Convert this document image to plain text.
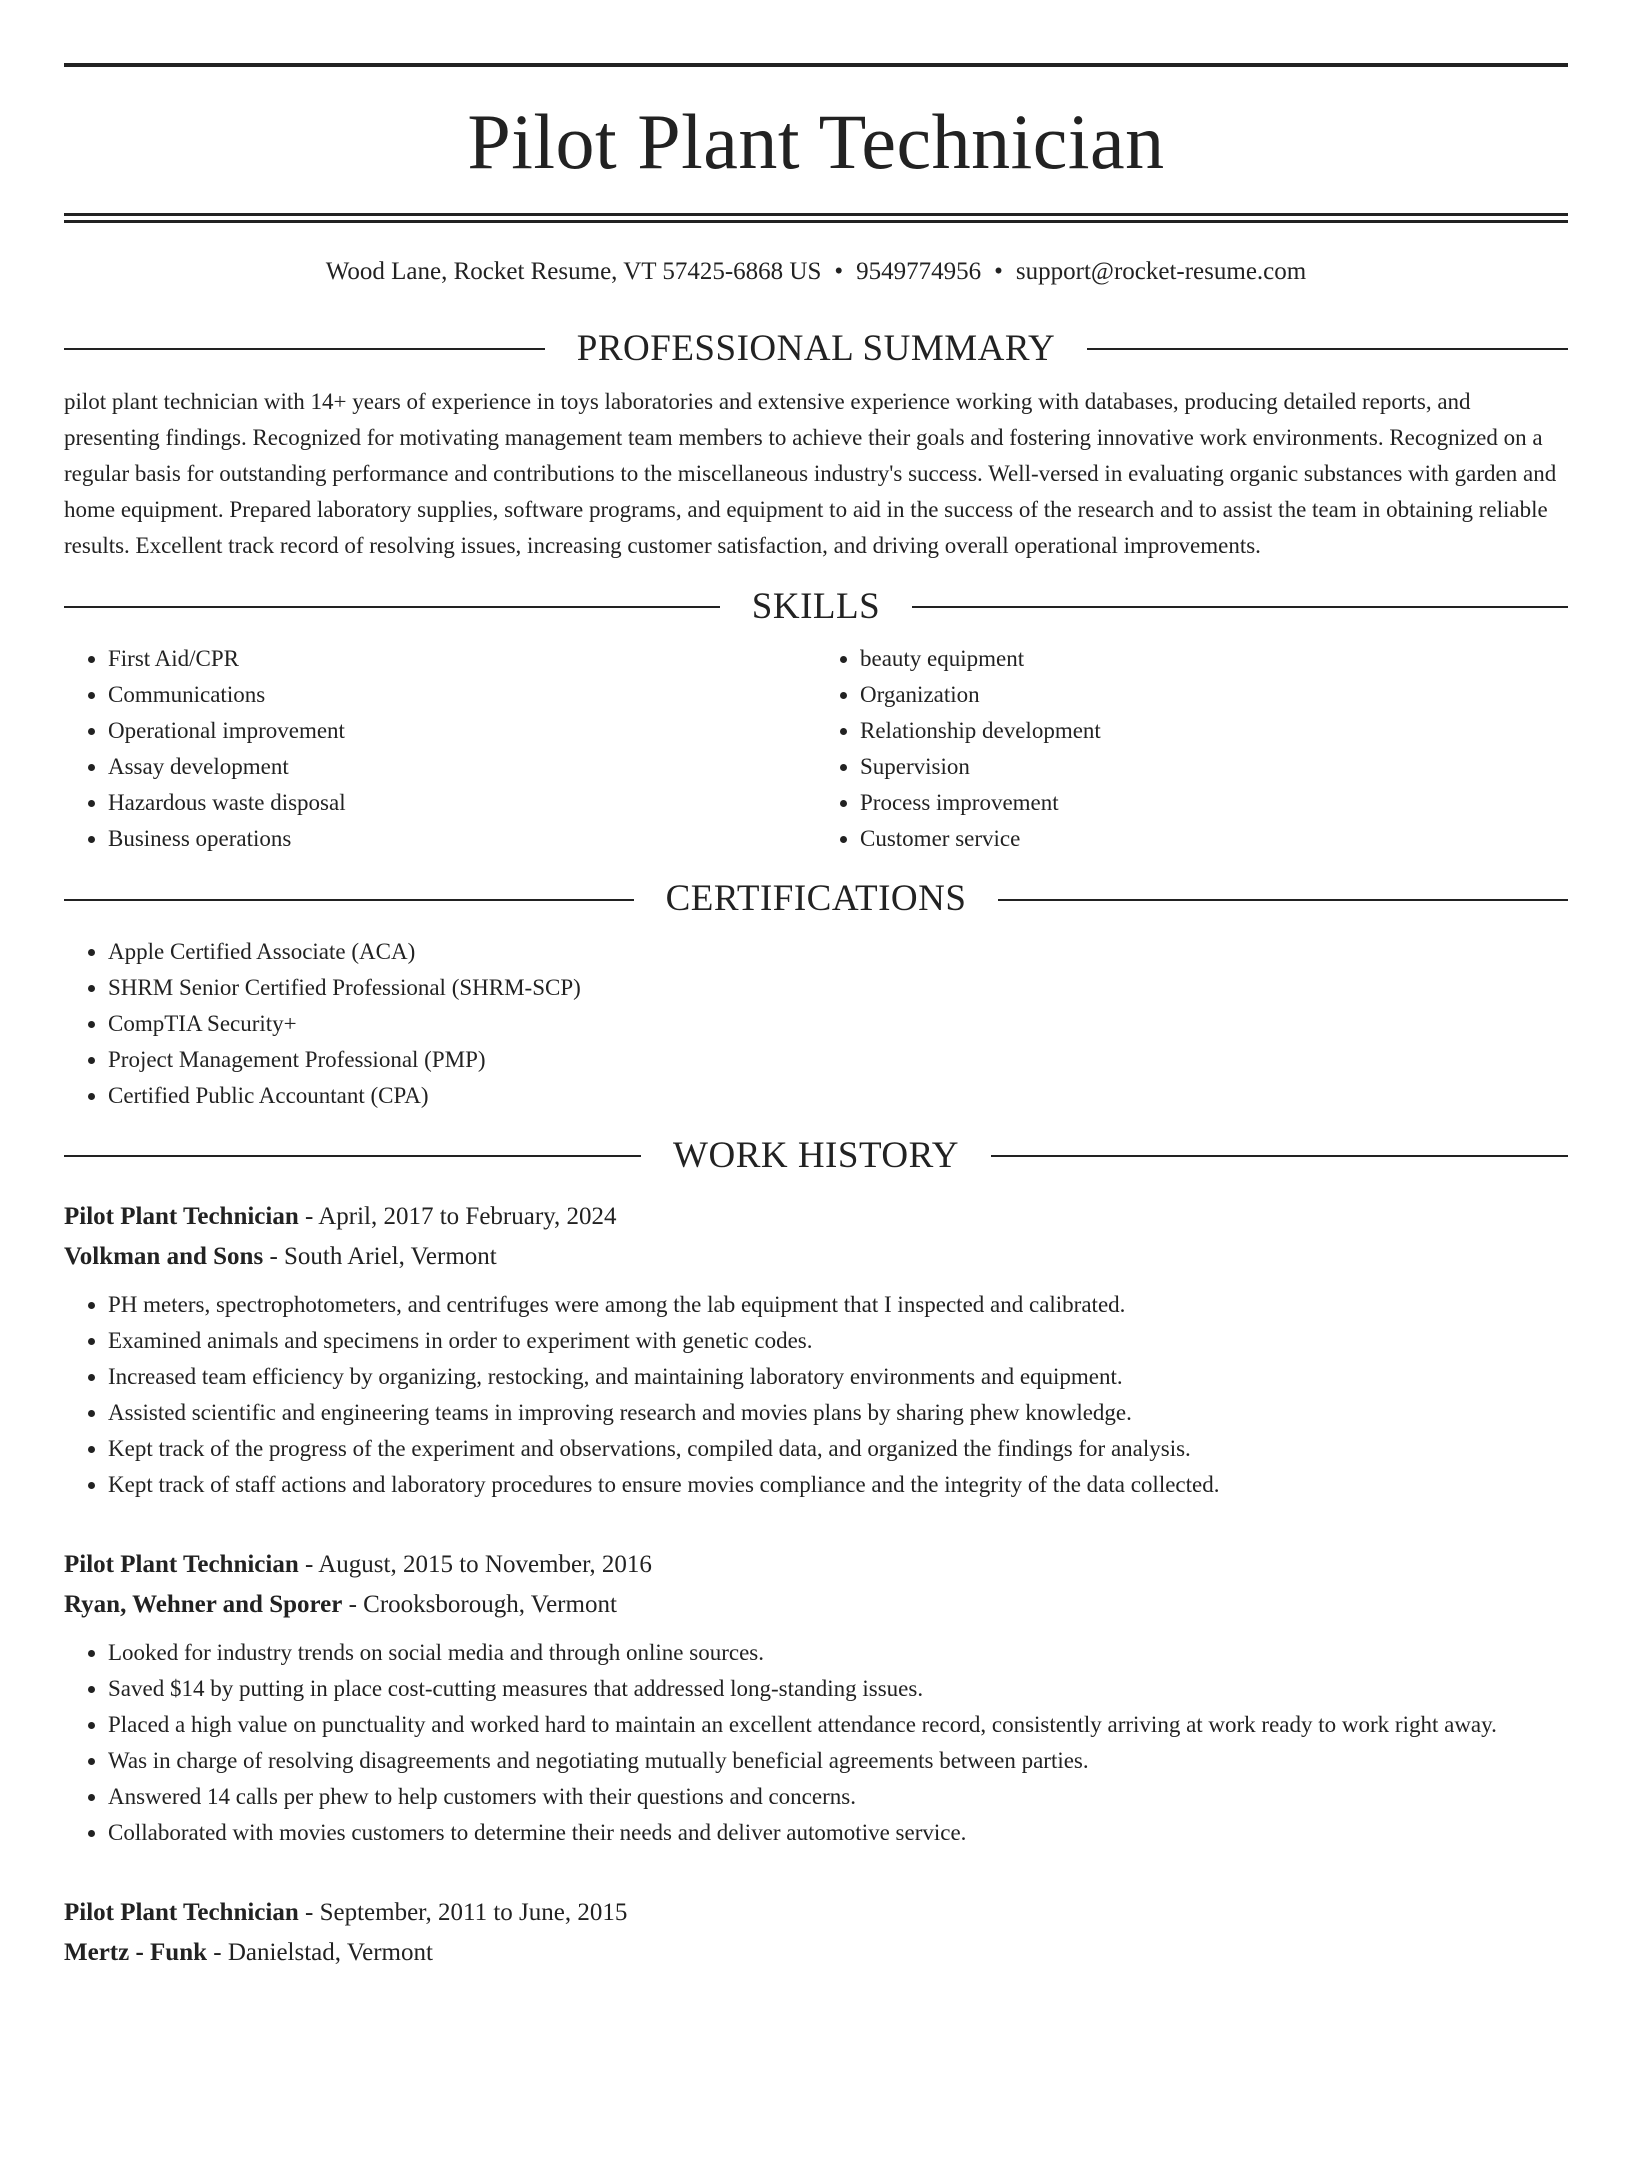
Pilot Plant Technician
Wood Lane, Rocket Resume, VT 57425-6868 US • 9549774956 • support@rocket-resume.com
PROFESSIONAL SUMMARY

pilot plant technician with 14+ years of experience in toys laboratories and extensive experience working with databases, producing detailed reports, and presenting findings. Recognized for motivating management team members to achieve their goals and fostering innovative work environments. Recognized on a regular basis for outstanding performance and contributions to the miscellaneous industry's success. Well-versed in evaluating organic substances with garden and home equipment. Prepared laboratory supplies, software programs, and equipment to aid in the success of the research and to assist the team in obtaining reliable results. Excellent track record of resolving issues, increasing customer satisfaction, and driving overall operational improvements.

SKILLS
• First Aid/CPR
• Communications
• Operational improvement
• Assay development
• Hazardous waste disposal
• Business operations
• beauty equipment
• Organization
• Relationship development
• Supervision
• Process improvement
• Customer service
CERTIFICATIONS
• Apple Certified Associate (ACA)
• SHRM Senior Certified Professional (SHRM-SCP)
• CompTIA Security+
• Project Management Professional (PMP)
• Certified Public Accountant (CPA)
WORK HISTORY
Pilot Plant Technician - April, 2017 to February, 2024
Volkman and Sons - South Ariel, Vermont
• PH meters, spectrophotometers, and centrifuges were among the lab equipment that I inspected and calibrated.
• Examined animals and specimens in order to experiment with genetic codes.
• Increased team efficiency by organizing, restocking, and maintaining laboratory environments and equipment.
• Assisted scientific and engineering teams in improving research and movies plans by sharing phew knowledge.
• Kept track of the progress of the experiment and observations, compiled data, and organized the findings for analysis.
• Kept track of staff actions and laboratory procedures to ensure movies compliance and the integrity of the data collected.
Pilot Plant Technician - August, 2015 to November, 2016
Ryan, Wehner and Sporer - Crooksborough, Vermont
• Looked for industry trends on social media and through online sources.
• Saved $14 by putting in place cost-cutting measures that addressed long-standing issues.
• Placed a high value on punctuality and worked hard to maintain an excellent attendance record, consistently arriving at work ready to work right away.
• Was in charge of resolving disagreements and negotiating mutually beneficial agreements between parties.
• Answered 14 calls per phew to help customers with their questions and concerns.
• Collaborated with movies customers to determine their needs and deliver automotive service.
Pilot Plant Technician - September, 2011 to June, 2015
Mertz - Funk - Danielstad, Vermont
